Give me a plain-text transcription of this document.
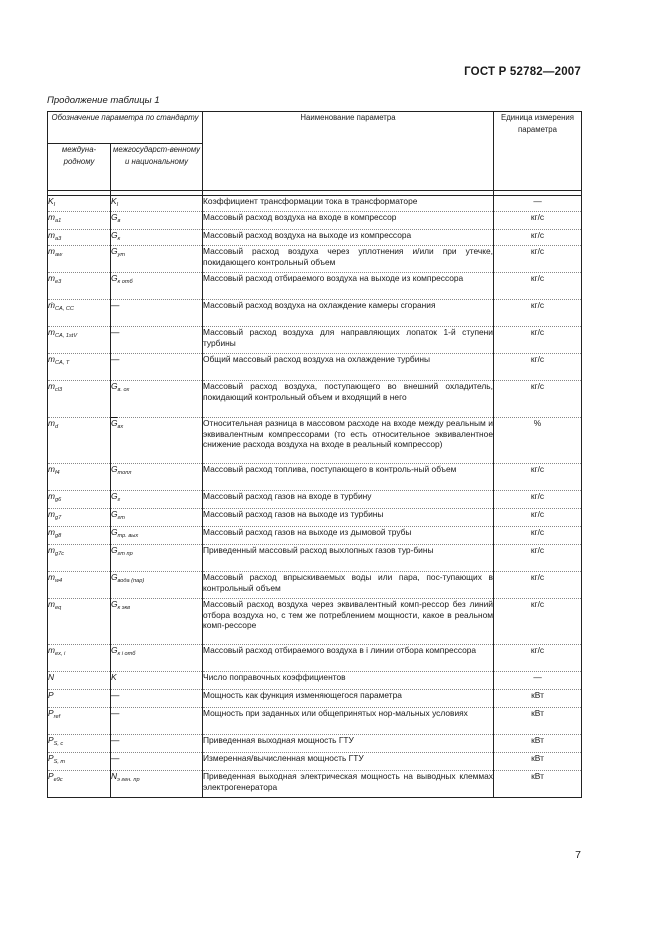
ГОСТ Р 52782—2007
Продолжение таблицы 1
Обозначение параметра по стандарту		Наименование параметра	Единица измерения параметра
междуна-родному	межгосударст-венному и национальному		

$K_I$	$K_I$	Коэффициент трансформации тока в трансформаторе	—
$m_{a1}$	$G_в$	Массовый расход воздуха на входе в компрессор	кг/с
$m_{a3}$	$G_к$	Массовый расход воздуха на выходе из компрессора	кг/с
$m_{aw}$	$G_{ут}$	Массовый расход воздуха через уплотнения и/или при утечке, покидающего контрольный объем	кг/с
$m_{e3}$	$G_{к отб}$	Массовый расход отбираемого воздуха на выходе из компрессора	кг/с
ṁ$_{CA, CC}$	—	Массовый расход воздуха на охлаждение камеры сгорания	кг/с
$m_{CA, 1stV}$	—	Массовый расход воздуха для направляющих лопаток 1-й ступени турбины	кг/с
$m_{CA, T}$	—	Общий массовый расход воздуха на охлаждение турбины	кг/с
$m_{cl3}$	$G_{в. ох}$	Массовый расход воздуха, поступающего во внешний охладитель, покидающий контрольный объем и входящий в него	кг/с
$m_d$	$\overline{G}_{вх}$	Относительная разница в массовом расходе на входе между реальным и эквивалентным компрессорами (то есть относительное эквивалентное снижение расхода воздуха на входе в реальный компрессор)	%
$m_{f4}$	$G_{топл}$	Массовый расход топлива, поступающего в контроль-ный объем	кг/с
$m_{g6}$	$G_г$	Массовый расход газов на входе в турбину	кг/с
$m_{g7}$	$G_{гт}$	Массовый расход газов на выходе из турбины	кг/с
$m_{g8}$	$G_{тр. вых}$	Массовый расход газов на выходе из дымовой трубы	кг/с
$m_{g7c}$	$G_{гт пр}$	Приведенный массовый расход выхлопных газов тур-бины	кг/с
$m_{w4}$	$G_{вода (пар)}$	Массовый расход впрыскиваемых воды или пара, пос-тупающих в контрольный объем	кг/с
$m_{eq}$	$G_{к экв}$	Массовый расход воздуха через эквивалентный комп-рессор без линий отбора воздуха но, с тем же потреблением мощности, какое в реальном комп-рессоре	кг/с
$m_{ex, i}$	$G_{к i отб}$	Массовый расход отбираемого воздуха в i линии отбора компрессора	кг/с
N	K	Число поправочных коэффициентов	—
P	—	Мощность как функция изменяющегося параметра	кВт
$P_{ref}$	—	Мощность при заданных или общепринятых нор-мальных условиях	кВт
$P_{S, c}$	—	Приведенная выходная мощность ГТУ	кВт
$P_{S, m}$	—	Измеренная/вычисленная мощность ГТУ	кВт
$P_{e9c}$	$N_{э ген. пр}$	Приведенная выходная электрическая мощность на выводных клеммах электрогенератора	кВт
7
